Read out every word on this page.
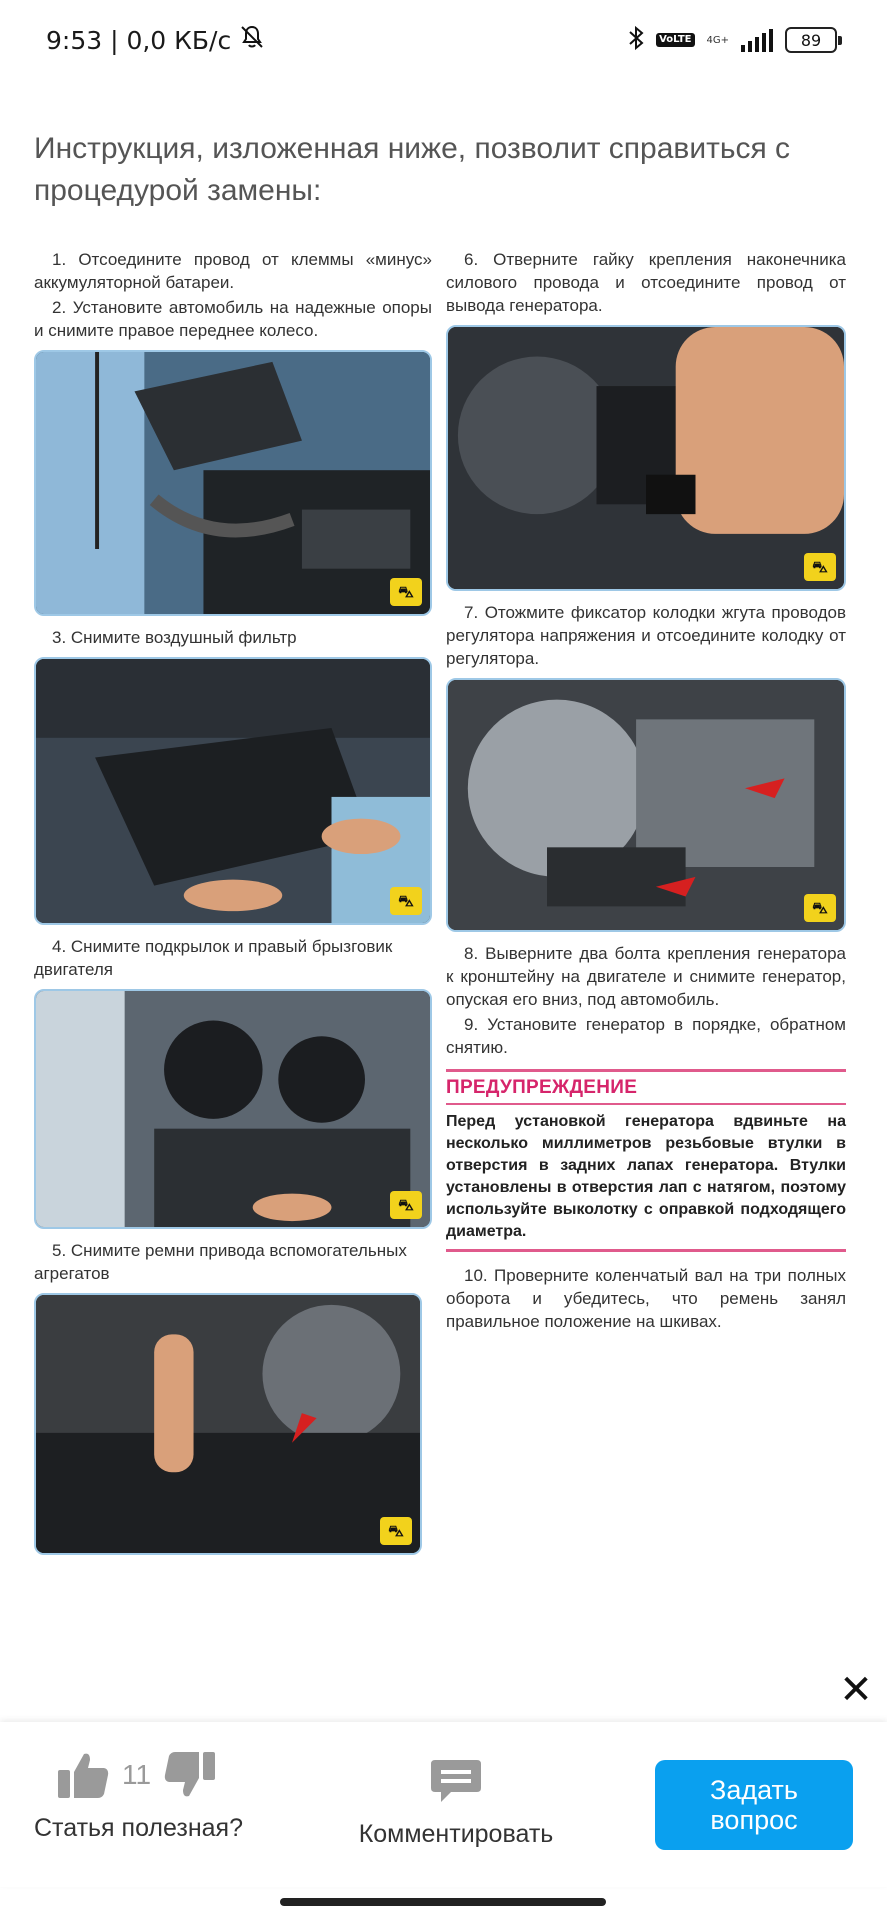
9:53 | 0,0 КБ/с	VoLTE	4G+	89
Инструкция, изложенная ниже, позволит справиться с процедурой замены:

1. Отсоедините провод от клеммы «минус» аккумуляторной батареи.

2. Установите автомобиль на надежные опоры и снимите правое переднее колесо.

⛍

3. Снимите воздушный фильтр

⛍

4. Снимите подкрылок и правый брызговик двигателя

⛍

5. Снимите ремни привода вспомогательных агрегатов

⛍

6. Отверните гайку крепления наконечника силового провода и отсоедините провод от вывода генератора.

⛍

7. Отожмите фиксатор колодки жгута проводов регулятора напряжения и отсоедините колодку от регулятора.

⛍

8. Выверните два болта крепления генератора к кронштейну на двигателе и снимите генератор, опуская его вниз, под автомобиль.

9. Установите генератор в порядке, обратном снятию.

ПРЕДУПРЕЖДЕНИЕ
Перед установкой генератора вдвиньте на несколько миллиметров резьбовые втулки в отверстия в задних лапах генератора. Втулки установлены в отверстия лап с натягом, поэтому используйте выколотку с оправкой подходящего диаметра.

10. Проверните коленчатый вал на три полных оборота и убедитесь, что ремень занял правильное положение на шкивах.

✕
11
Статья полезная?	Комментировать
Задать вопрос
